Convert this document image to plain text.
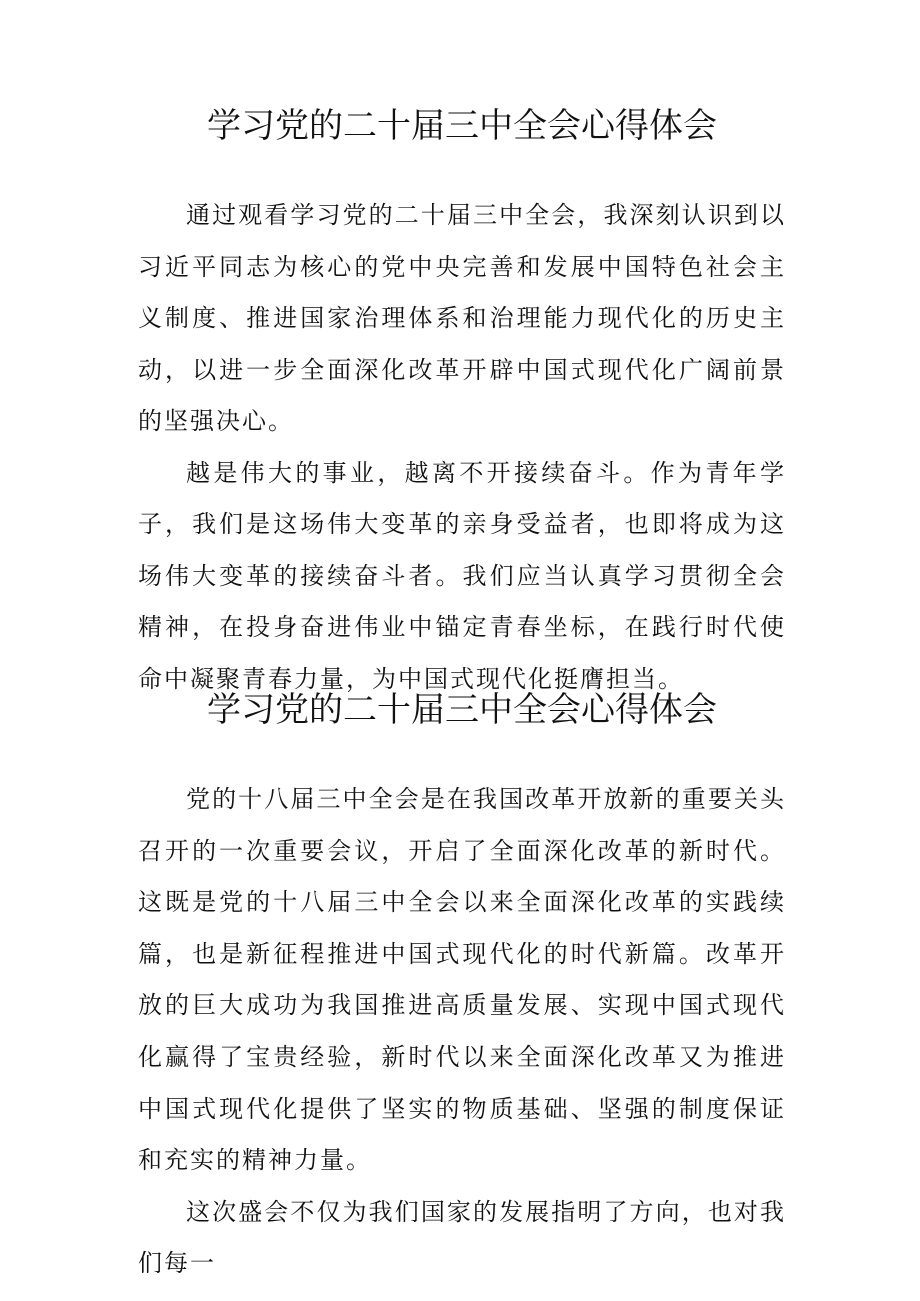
学习党的二十届三中全会心得体会

通过观看学习党的二十届三中全会，我深刻认识到以习近平同志为核心的党中央完善和发展中国特色社会主义制度、推进国家治理体系和治理能力现代化的历史主动，以进一步全面深化改革开辟中国式现代化广阔前景的坚强决心。

越是伟大的事业，越离不开接续奋斗。作为青年学子，我们是这场伟大变革的亲身受益者，也即将成为这场伟大变革的接续奋斗者。我们应当认真学习贯彻全会精神，在投身奋进伟业中锚定青春坐标，在践行时代使命中凝聚青春力量，为中国式现代化挺膺担当。

学习党的二十届三中全会心得体会

党的十八届三中全会是在我国改革开放新的重要关头召开的一次重要会议，开启了全面深化改革的新时代。这既是党的十八届三中全会以来全面深化改革的实践续篇，也是新征程推进中国式现代化的时代新篇。改革开放的巨大成功为我国推进高质量发展、实现中国式现代化赢得了宝贵经验，新时代以来全面深化改革又为推进中国式现代化提供了坚实的物质基础、坚强的制度保证和充实的精神力量。

这次盛会不仅为我们国家的发展指明了方向，也对我们每一
